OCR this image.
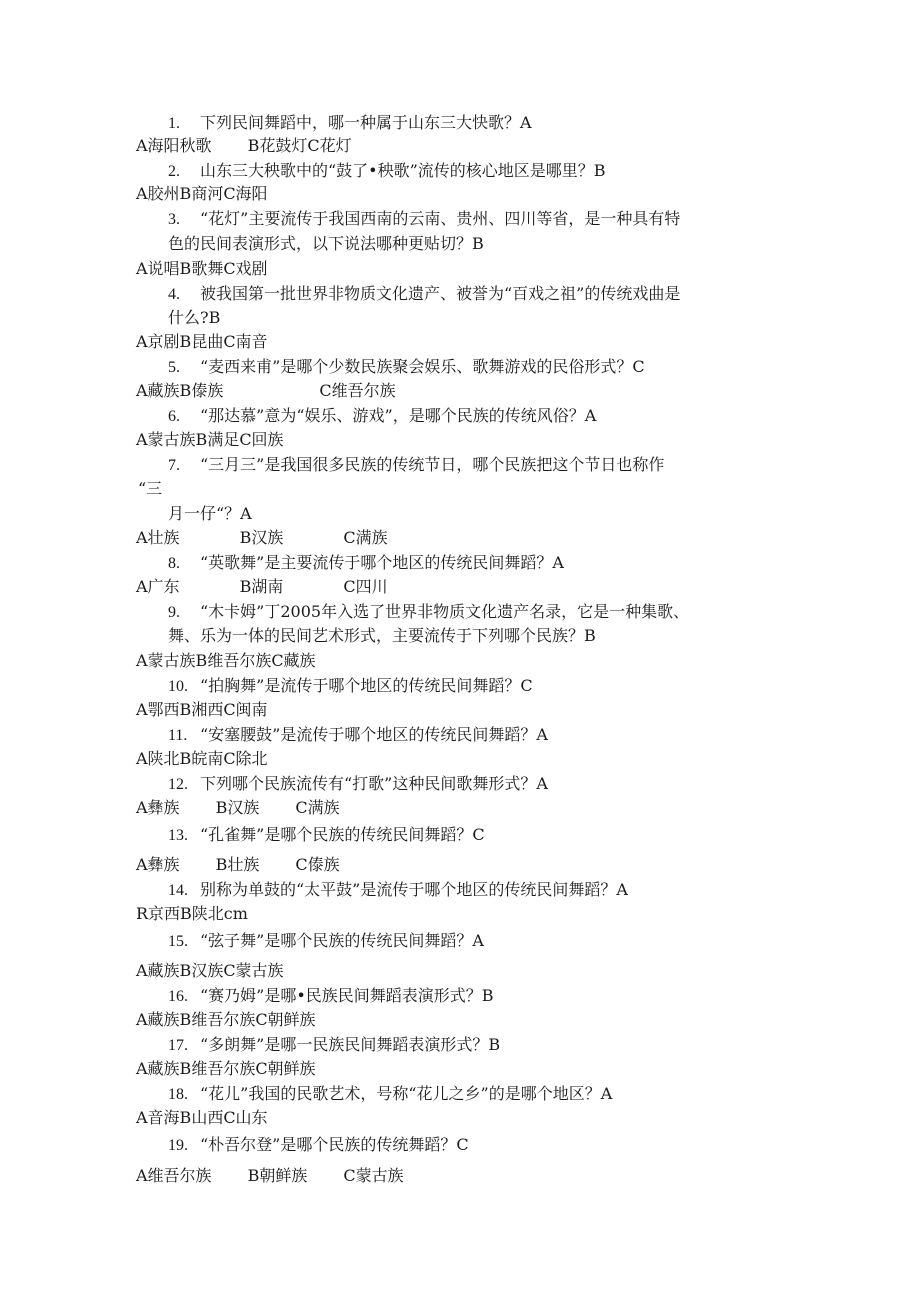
1. 下列民间舞蹈中，哪一种属于山东三大快歌？A
A海阳秋歌 B花鼓灯C花灯
2. 山东三大秧歌中的“鼓了•秧歌”流传的核心地区是哪里？B
A胶州B商河C海阳
3. “花灯”主要流传于我国西南的云南、贵州、四川等省，是一种具有特
色的民间表演形式，以下说法哪种更贴切？B
A说唱B歌舞C戏剧
4. 被我国第一批世界非物质文化遗产、被誉为“百戏之祖”的传统戏曲是
什么?B
A京剧B昆曲C南音
5. “麦西来甫”是哪个少数民族聚会娱乐、歌舞游戏的民俗形式？C
A藏族B傣族	C维吾尔族
6. “那达慕”意为“娱乐、游戏”，是哪个民族的传统风俗？A
A蒙古族B满足C回族
7. “三月三”是我国很多民族的传统节日，哪个民族把这个节日也称作
“三
月一仔“？A
A壮族	B汉族	C满族
8. “英歌舞”是主要流传于哪个地区的传统民间舞蹈？A
A广东	B湖南	C四川
9. “木卡姆”丁2005年入选了世界非物质文化遗产名录，它是一种集歌、
舞、乐为一体的民间艺术形式，主要流传于下列哪个民族？B
A蒙古族B维吾尔族C藏族
10. “拍胸舞”是流传于哪个地区的传统民间舞蹈？C
A鄂西B湘西C闽南
11. “安塞腰鼓”是流传于哪个地区的传统民间舞蹈？A
A陕北B皖南C除北
12. 下列哪个民族流传有“打歌”这种民间歌舞形式？A
A彝族 B汉族 C满族
13. “孔雀舞”是哪个民族的传统民间舞蹈？C
A彝族 B壮族 C傣族
14. 别称为单鼓的“太平鼓”是流传于哪个地区的传统民间舞蹈？A
R京西B陕北cm
15. “弦子舞”是哪个民族的传统民间舞蹈？A
A藏族B汉族C蒙古族
16. “赛乃姆”是哪•民族民间舞蹈表演形式？B
A藏族B维吾尔族C朝鲜族
17. “多朗舞”是哪一民族民间舞蹈表演形式？B
A藏族B维吾尔族C朝鲜族
18. “花儿”我国的民歌艺术，号称“花儿之乡”的是哪个地区？A
A音海B山西C山东
19. “朴吾尔登”是哪个民族的传统舞蹈？C
A维吾尔族 B朝鲜族 C蒙古族
